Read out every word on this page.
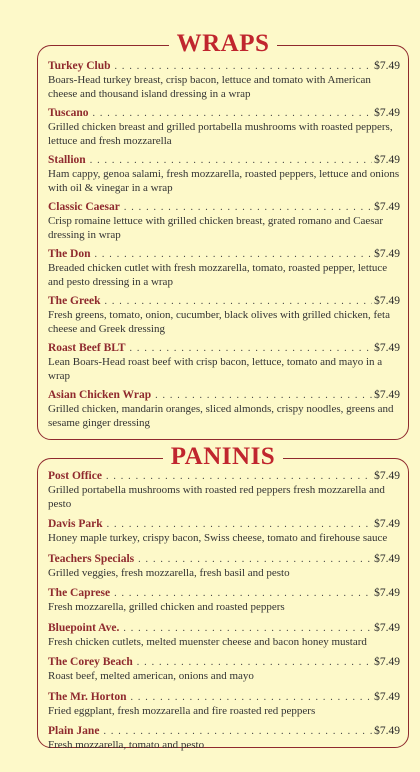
WRAPS
Turkey Club . . .	$7.49
Boars-Head turkey breast, crisp bacon, lettuce and tomato with American cheese and thousand island dressing in a wrap
Tuscano . . .	$7.49
Grilled chicken breast and grilled portabella mushrooms with roasted peppers, lettuce and fresh mozzarella
Stallion . . .	$7.49
Ham cappy, genoa salami, fresh mozzarella, roasted peppers, lettuce and onions with oil & vinegar in a wrap
Classic Caesar . . .	$7.49
Crisp romaine lettuce with grilled chicken breast, grated romano and Caesar dressing in wrap
The Don . . .	$7.49
Breaded chicken cutlet with fresh mozzarella, tomato, roasted pepper, lettuce and pesto dressing in a wrap
The Greek . . .	$7.49
Fresh greens, tomato, onion, cucumber, black olives with grilled chicken, feta cheese and Greek dressing
Roast Beef BLT . . .	$7.49
Lean Boars-Head roast beef with crisp bacon, lettuce, tomato and mayo in a wrap
Asian Chicken Wrap . . .	$7.49
Grilled chicken, mandarin oranges, sliced almonds, crispy noodles, greens and sesame ginger dressing
PANINIS
Post Office . . .	$7.49
Grilled portabella mushrooms with roasted red peppers fresh mozzarella and pesto
Davis Park . . .	$7.49
Honey maple turkey, crispy bacon, Swiss cheese, tomato and firehouse sauce
Teachers Specials . . .	$7.49
Grilled veggies, fresh mozzarella, fresh basil and pesto
The Caprese . . .	$7.49
Fresh mozzarella, grilled chicken and roasted peppers
Bluepoint Ave. . . .	$7.49
Fresh chicken cutlets, melted muenster cheese and bacon honey mustard
The Corey Beach . . .	$7.49
Roast beef, melted american, onions and mayo
The Mr. Horton . . .	$7.49
Fried eggplant, fresh mozzarella and fire roasted red peppers
Plain Jane . . .	$7.49
Fresh mozzarella, tomato and pesto
